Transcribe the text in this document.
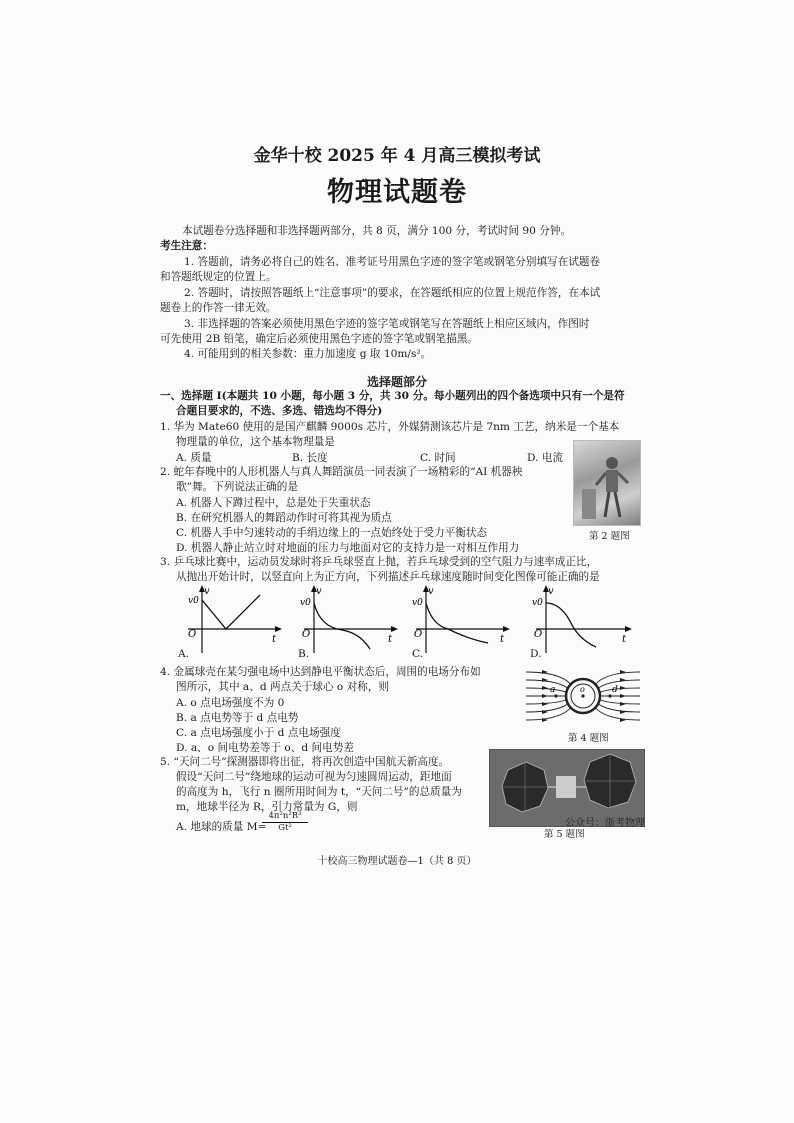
金华十校 2025 年 4 月高三模拟考试
物理试题卷
本试题卷分选择题和非选择题两部分，共 8 页，满分 100 分，考试时间 90 分钟。
考生注意：
1. 答题前，请务必将自己的姓名、准考证号用黑色字迹的签字笔或钢笔分别填写在试题卷
和答题纸规定的位置上。
2. 答题时，请按照答题纸上“注意事项”的要求，在答题纸相应的位置上规范作答，在本试
题卷上的作答一律无效。
3. 非选择题的答案必须使用黑色字迹的签字笔或钢笔写在答题纸上相应区域内，作图时
可先使用 2B 铅笔，确定后必须使用黑色字迹的签字笔或钢笔描黑。
4. 可能用到的相关参数：重力加速度 g 取 10m/s²。
选择题部分
一、选择题 Ⅰ(本题共 10 小题，每小题 3 分，共 30 分。每小题列出的四个备选项中只有一个是符
合题目要求的，不选、多选、错选均不得分)
1. 华为 Mate60 使用的是国产麒麟 9000s 芯片，外媒猜测该芯片是 7nm 工艺，纳米是一个基本
物理量的单位，这个基本物理量是
A. 质量	B. 长度	C. 时间	D. 电流
2. 蛇年春晚中的人形机器人与真人舞蹈演员一同表演了一场精彩的“AI 机器秧
歌”舞。下列说法正确的是
A. 机器人下蹲过程中，总是处于失重状态
B. 在研究机器人的舞蹈动作时可将其视为质点
C. 机器人手中匀速转动的手绢边缘上的一点始终处于受力平衡状态
D. 机器人静止站立时对地面的压力与地面对它的支持力是一对相互作用力
第 2 题图
3. 乒乓球比赛中，运动员发球时将乒乓球竖直上抛，若乒乓球受到的空气阻力与速率成正比，
从抛出开始计时，以竖直向上为正方向，下列描述乒乓球速度随时间变化图像可能正确的是
v
v0
O	t
A.
v
v0
O	t
B.
v
v0
O	t
C.
v
v0
O	t
D.
4. 金属球壳在某匀强电场中达到静电平衡状态后，周围的电场分布如
图所示，其中 a、d 两点关于球心 o 对称，则
A. o 点电场强度不为 0
B. a 点电势等于 d 点电势
C. a 点电场强度小于 d 点电场强度
D. a、o 间电势差等于 o、d 间电势差
a	o	d
第 4 题图
5. “天问二号”探测器即将出征，将再次创造中国航天新高度。
假设“天问二号”绕地球的运动可视为匀速圆周运动，距地面
的高度为 h，飞行 n 圈所用时间为 t，“天问二号”的总质量为
m，地球半径为 R，引力常量为 G，则
A. 地球的质量 M=
$\frac{\text{4π²n²R³}}{\text{Gt²}}$	公众号：浙考物理
第 5 题图
十校高三物理试题卷—1（共 8 页）
